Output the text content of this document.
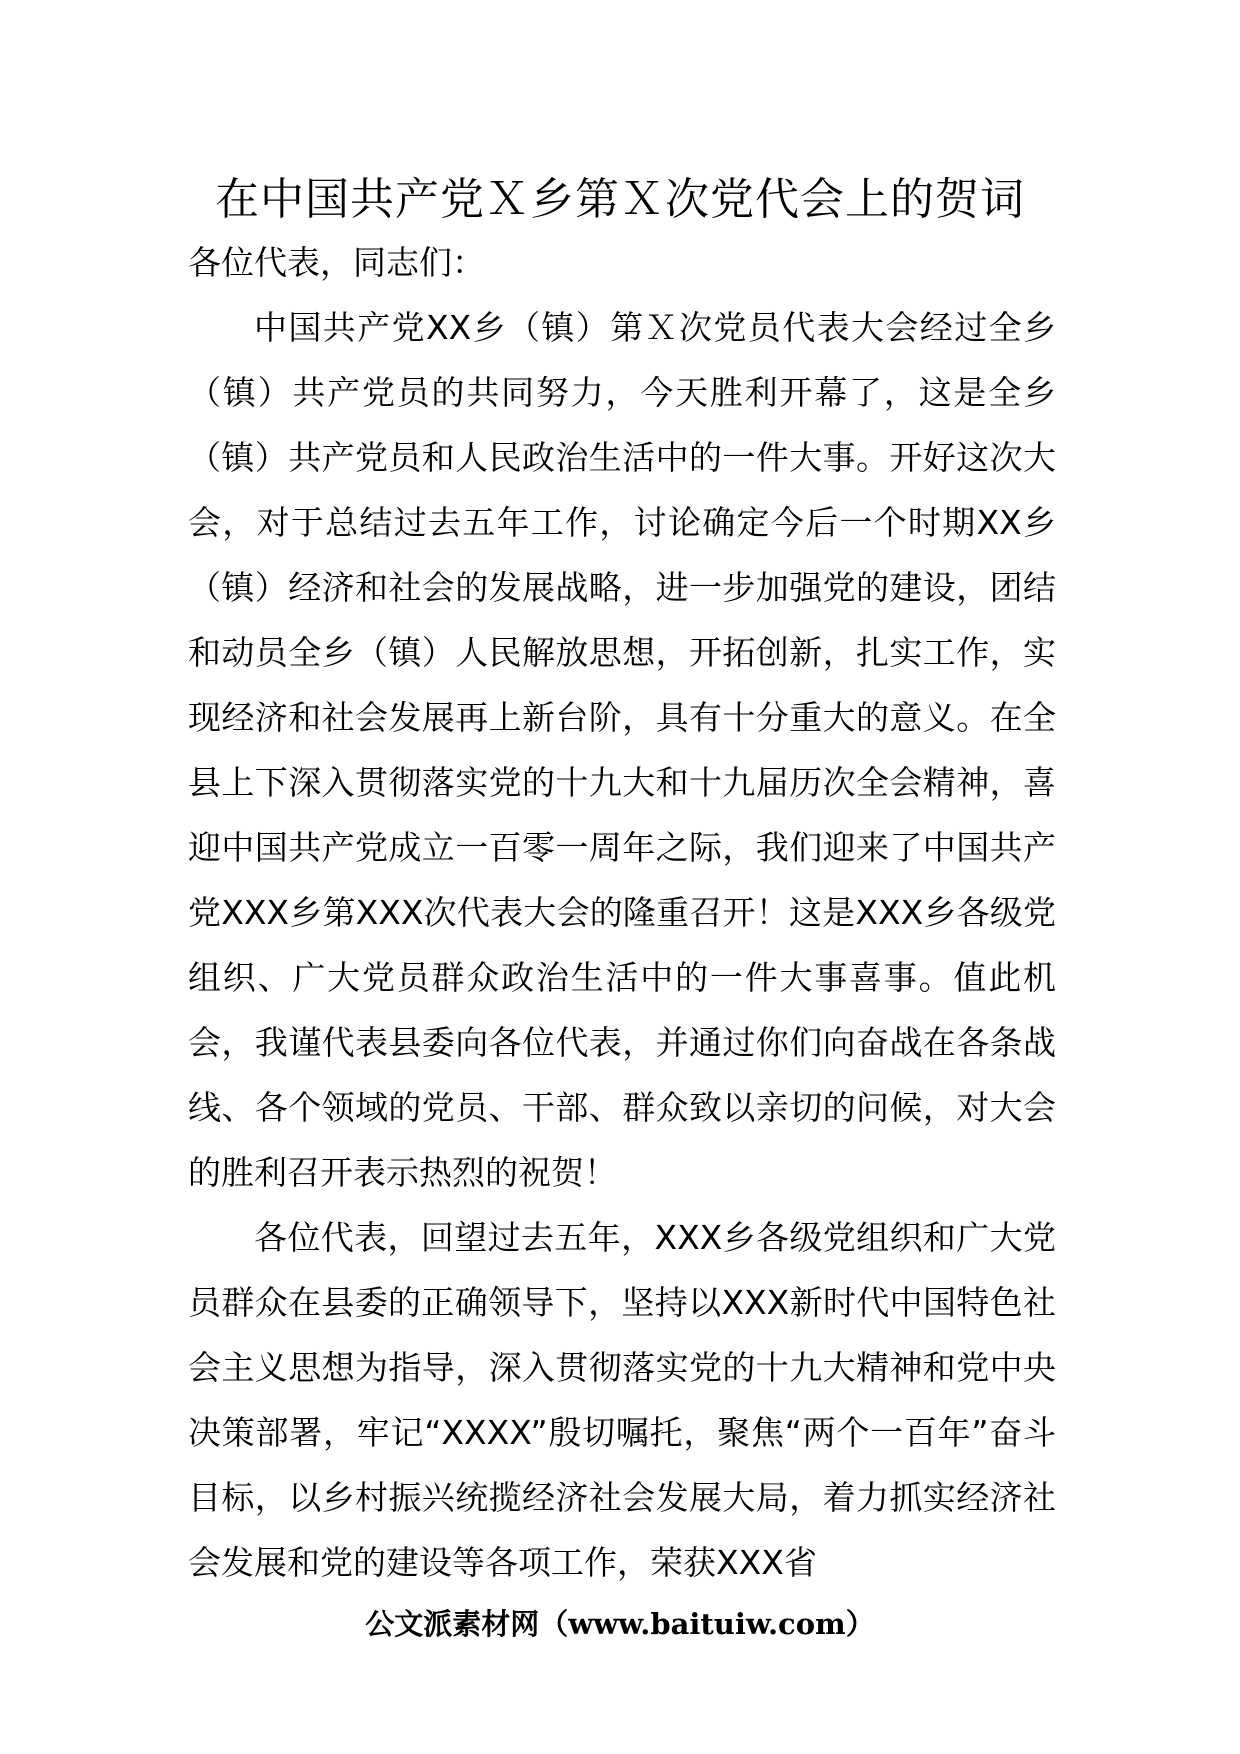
在中国共产党Ｘ乡第Ｘ次党代会上的贺词

各位代表，同志们：

中国共产党XX乡（镇）第Ｘ次党员代表大会经过全乡（镇）共产党员的共同努力，今天胜利开幕了，这是全乡（镇）共产党员和人民政治生活中的一件大事。开好这次大会，对于总结过去五年工作，讨论确定今后一个时期XX乡（镇）经济和社会的发展战略，进一步加强党的建设，团结和动员全乡（镇）人民解放思想，开拓创新，扎实工作，实现经济和社会发展再上新台阶，具有十分重大的意义。在全县上下深入贯彻落实党的十九大和十九届历次全会精神，喜迎中国共产党成立一百零一周年之际，我们迎来了中国共产党XXX乡第XXX次代表大会的隆重召开！这是XXX乡各级党组织、广大党员群众政治生活中的一件大事喜事。值此机会，我谨代表县委向各位代表，并通过你们向奋战在各条战线、各个领域的党员、干部、群众致以亲切的问候，对大会的胜利召开表示热烈的祝贺！

各位代表，回望过去五年，XXX乡各级党组织和广大党员群众在县委的正确领导下，坚持以XXX新时代中国特色社会主义思想为指导，深入贯彻落实党的十九大精神和党中央决策部署，牢记“XXXX”殷切嘱托，聚焦“两个一百年”奋斗目标，以乡村振兴统揽经济社会发展大局，着力抓实经济社会发展和党的建设等各项工作，荣获XXX省

公文派素材网（www.baituiw.com）
